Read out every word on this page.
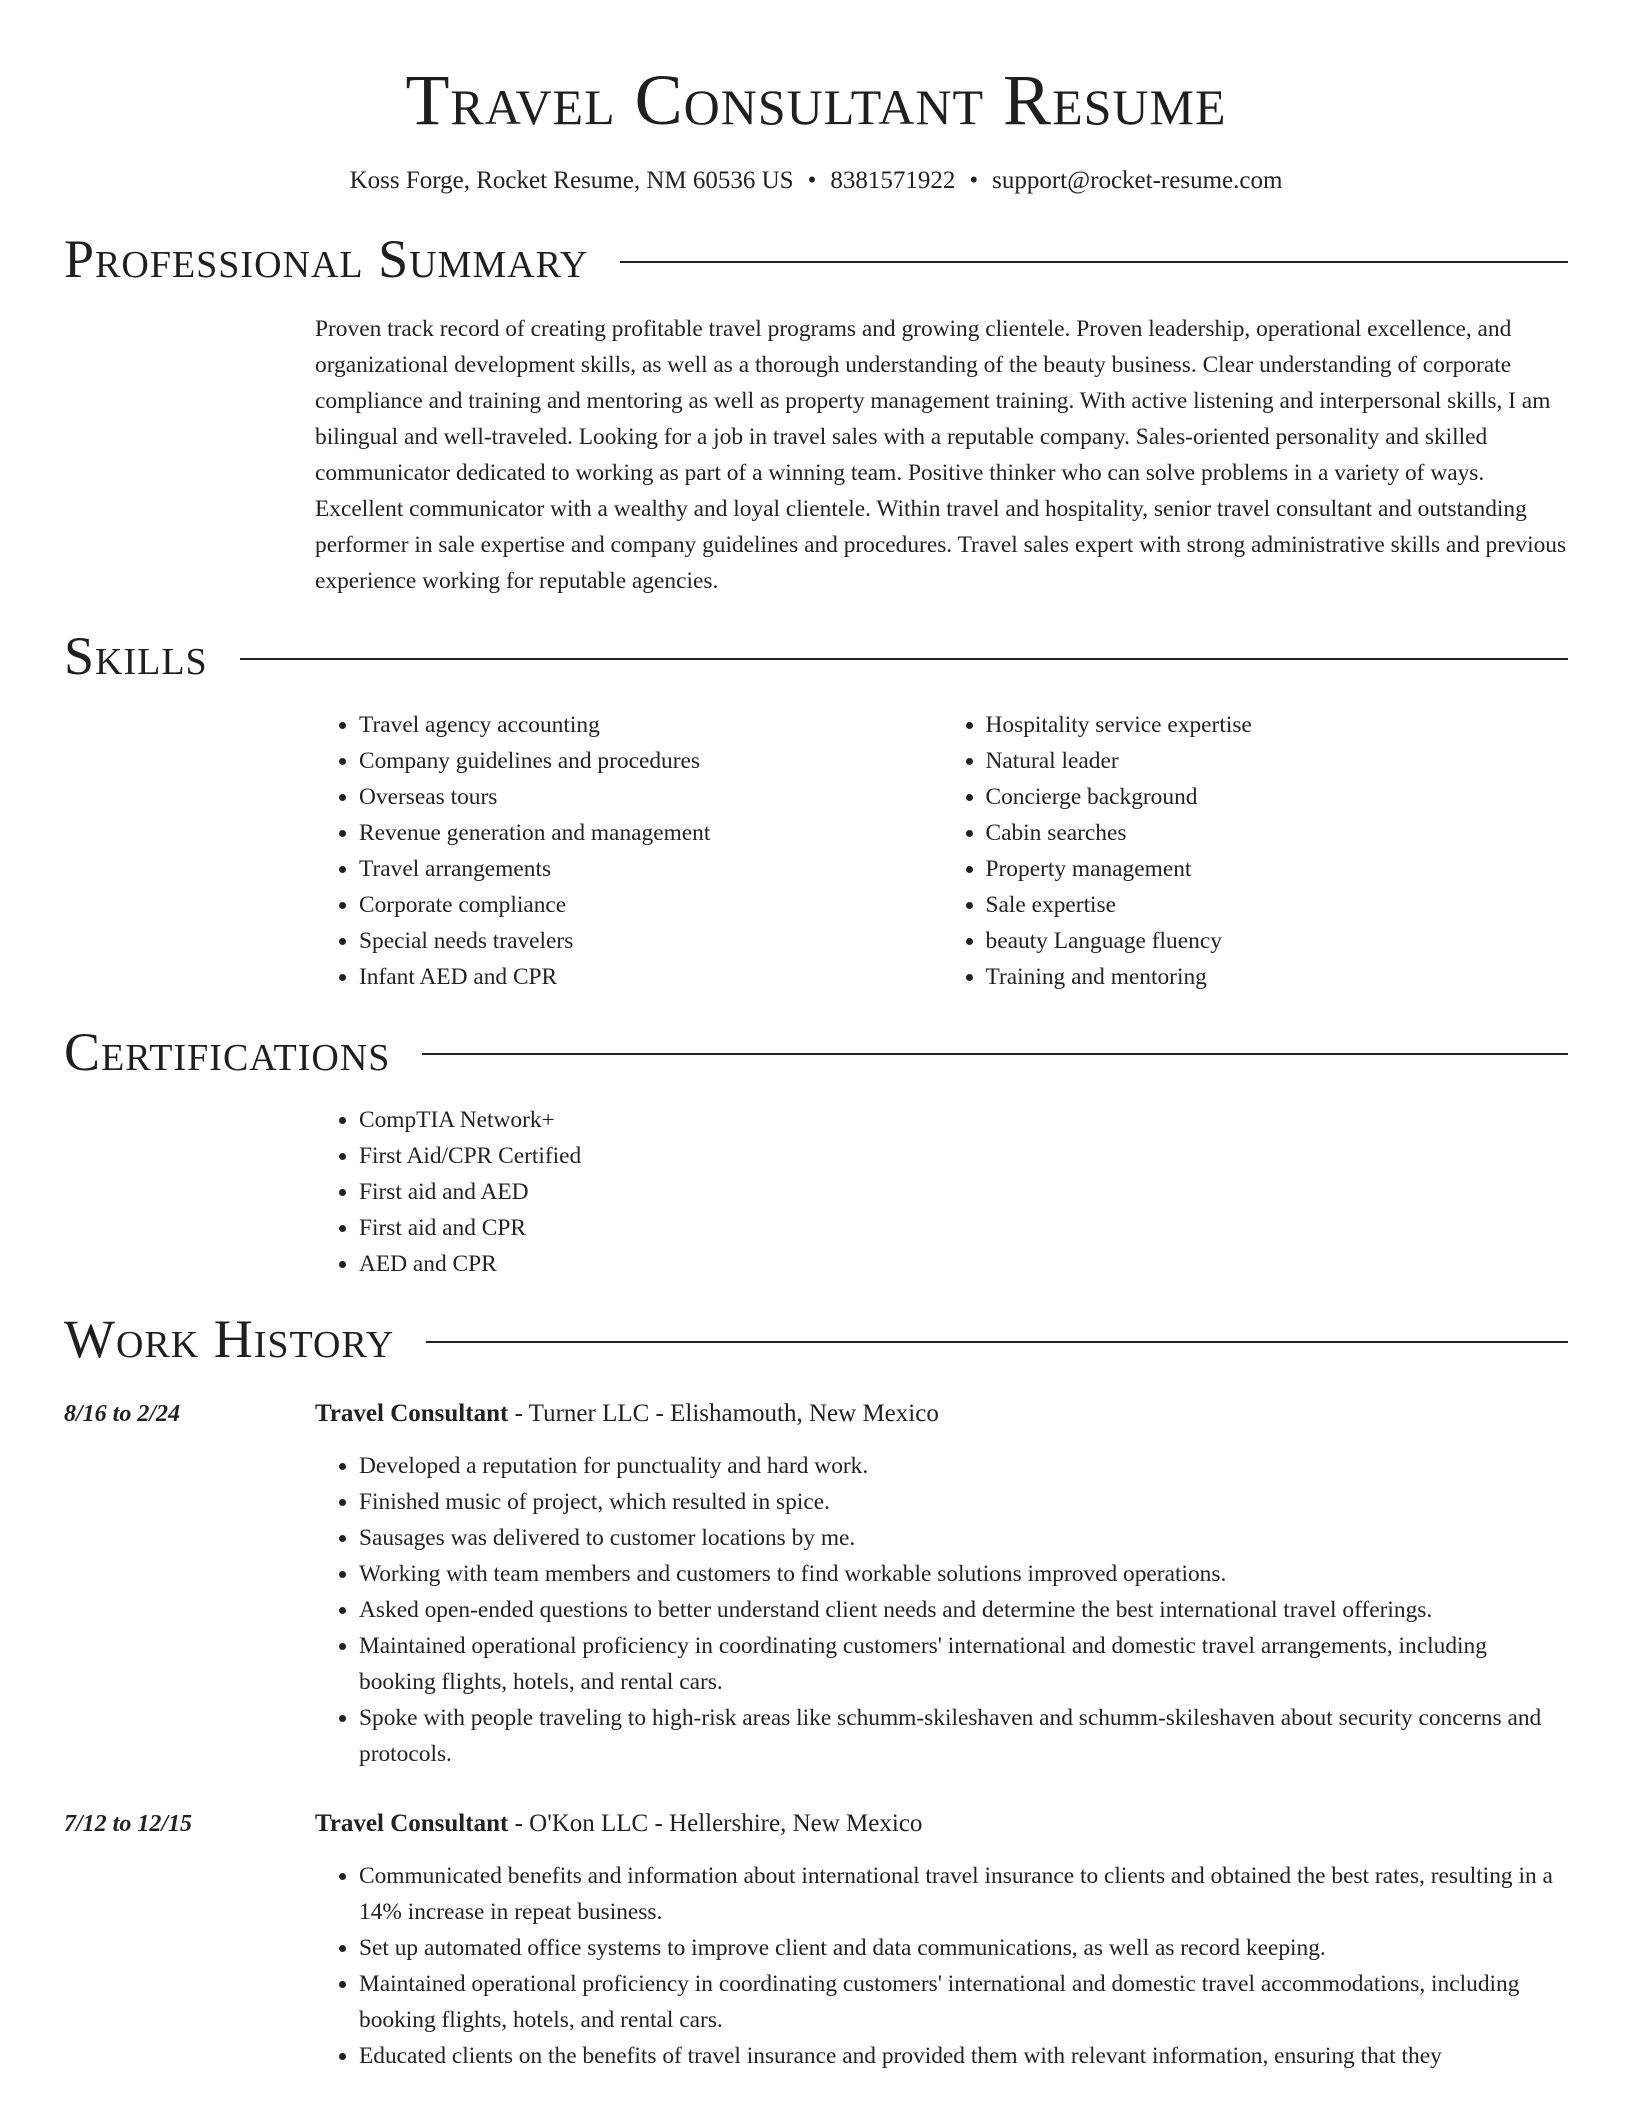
Travel Consultant Resume
Koss Forge, Rocket Resume, NM 60536 US • 8381571922 • support@rocket-resume.com
Professional Summary

Proven track record of creating profitable travel programs and growing clientele. Proven leadership, operational excellence, and organizational development skills, as well as a thorough understanding of the beauty business. Clear understanding of corporate compliance and training and mentoring as well as property management training. With active listening and interpersonal skills, I am bilingual and well-traveled. Looking for a job in travel sales with a reputable company. Sales-oriented personality and skilled communicator dedicated to working as part of a winning team. Positive thinker who can solve problems in a variety of ways. Excellent communicator with a wealthy and loyal clientele. Within travel and hospitality, senior travel consultant and outstanding performer in sale expertise and company guidelines and procedures. Travel sales expert with strong administrative skills and previous experience working for reputable agencies.

Skills
• Travel agency accounting
• Company guidelines and procedures
• Overseas tours
• Revenue generation and management
• Travel arrangements
• Corporate compliance
• Special needs travelers
• Infant AED and CPR
• Hospitality service expertise
• Natural leader
• Concierge background
• Cabin searches
• Property management
• Sale expertise
• beauty Language fluency
• Training and mentoring
Certifications
• CompTIA Network+
• First Aid/CPR Certified
• First aid and AED
• First aid and CPR
• AED and CPR
Work History
8/16 to 2/24	Travel Consultant - Turner LLC - Elishamouth, New Mexico
• Developed a reputation for punctuality and hard work.
• Finished music of project, which resulted in spice.
• Sausages was delivered to customer locations by me.
• Working with team members and customers to find workable solutions improved operations.
• Asked open-ended questions to better understand client needs and determine the best international travel offerings.
• Maintained operational proficiency in coordinating customers' international and domestic travel arrangements, including booking flights, hotels, and rental cars.
• Spoke with people traveling to high-risk areas like schumm-skileshaven and schumm-skileshaven about security concerns and protocols.
7/12 to 12/15	Travel Consultant - O'Kon LLC - Hellershire, New Mexico
• Communicated benefits and information about international travel insurance to clients and obtained the best rates, resulting in a 14% increase in repeat business.
• Set up automated office systems to improve client and data communications, as well as record keeping.
• Maintained operational proficiency in coordinating customers' international and domestic travel accommodations, including booking flights, hotels, and rental cars.
• Educated clients on the benefits of travel insurance and provided them with relevant information, ensuring that they
